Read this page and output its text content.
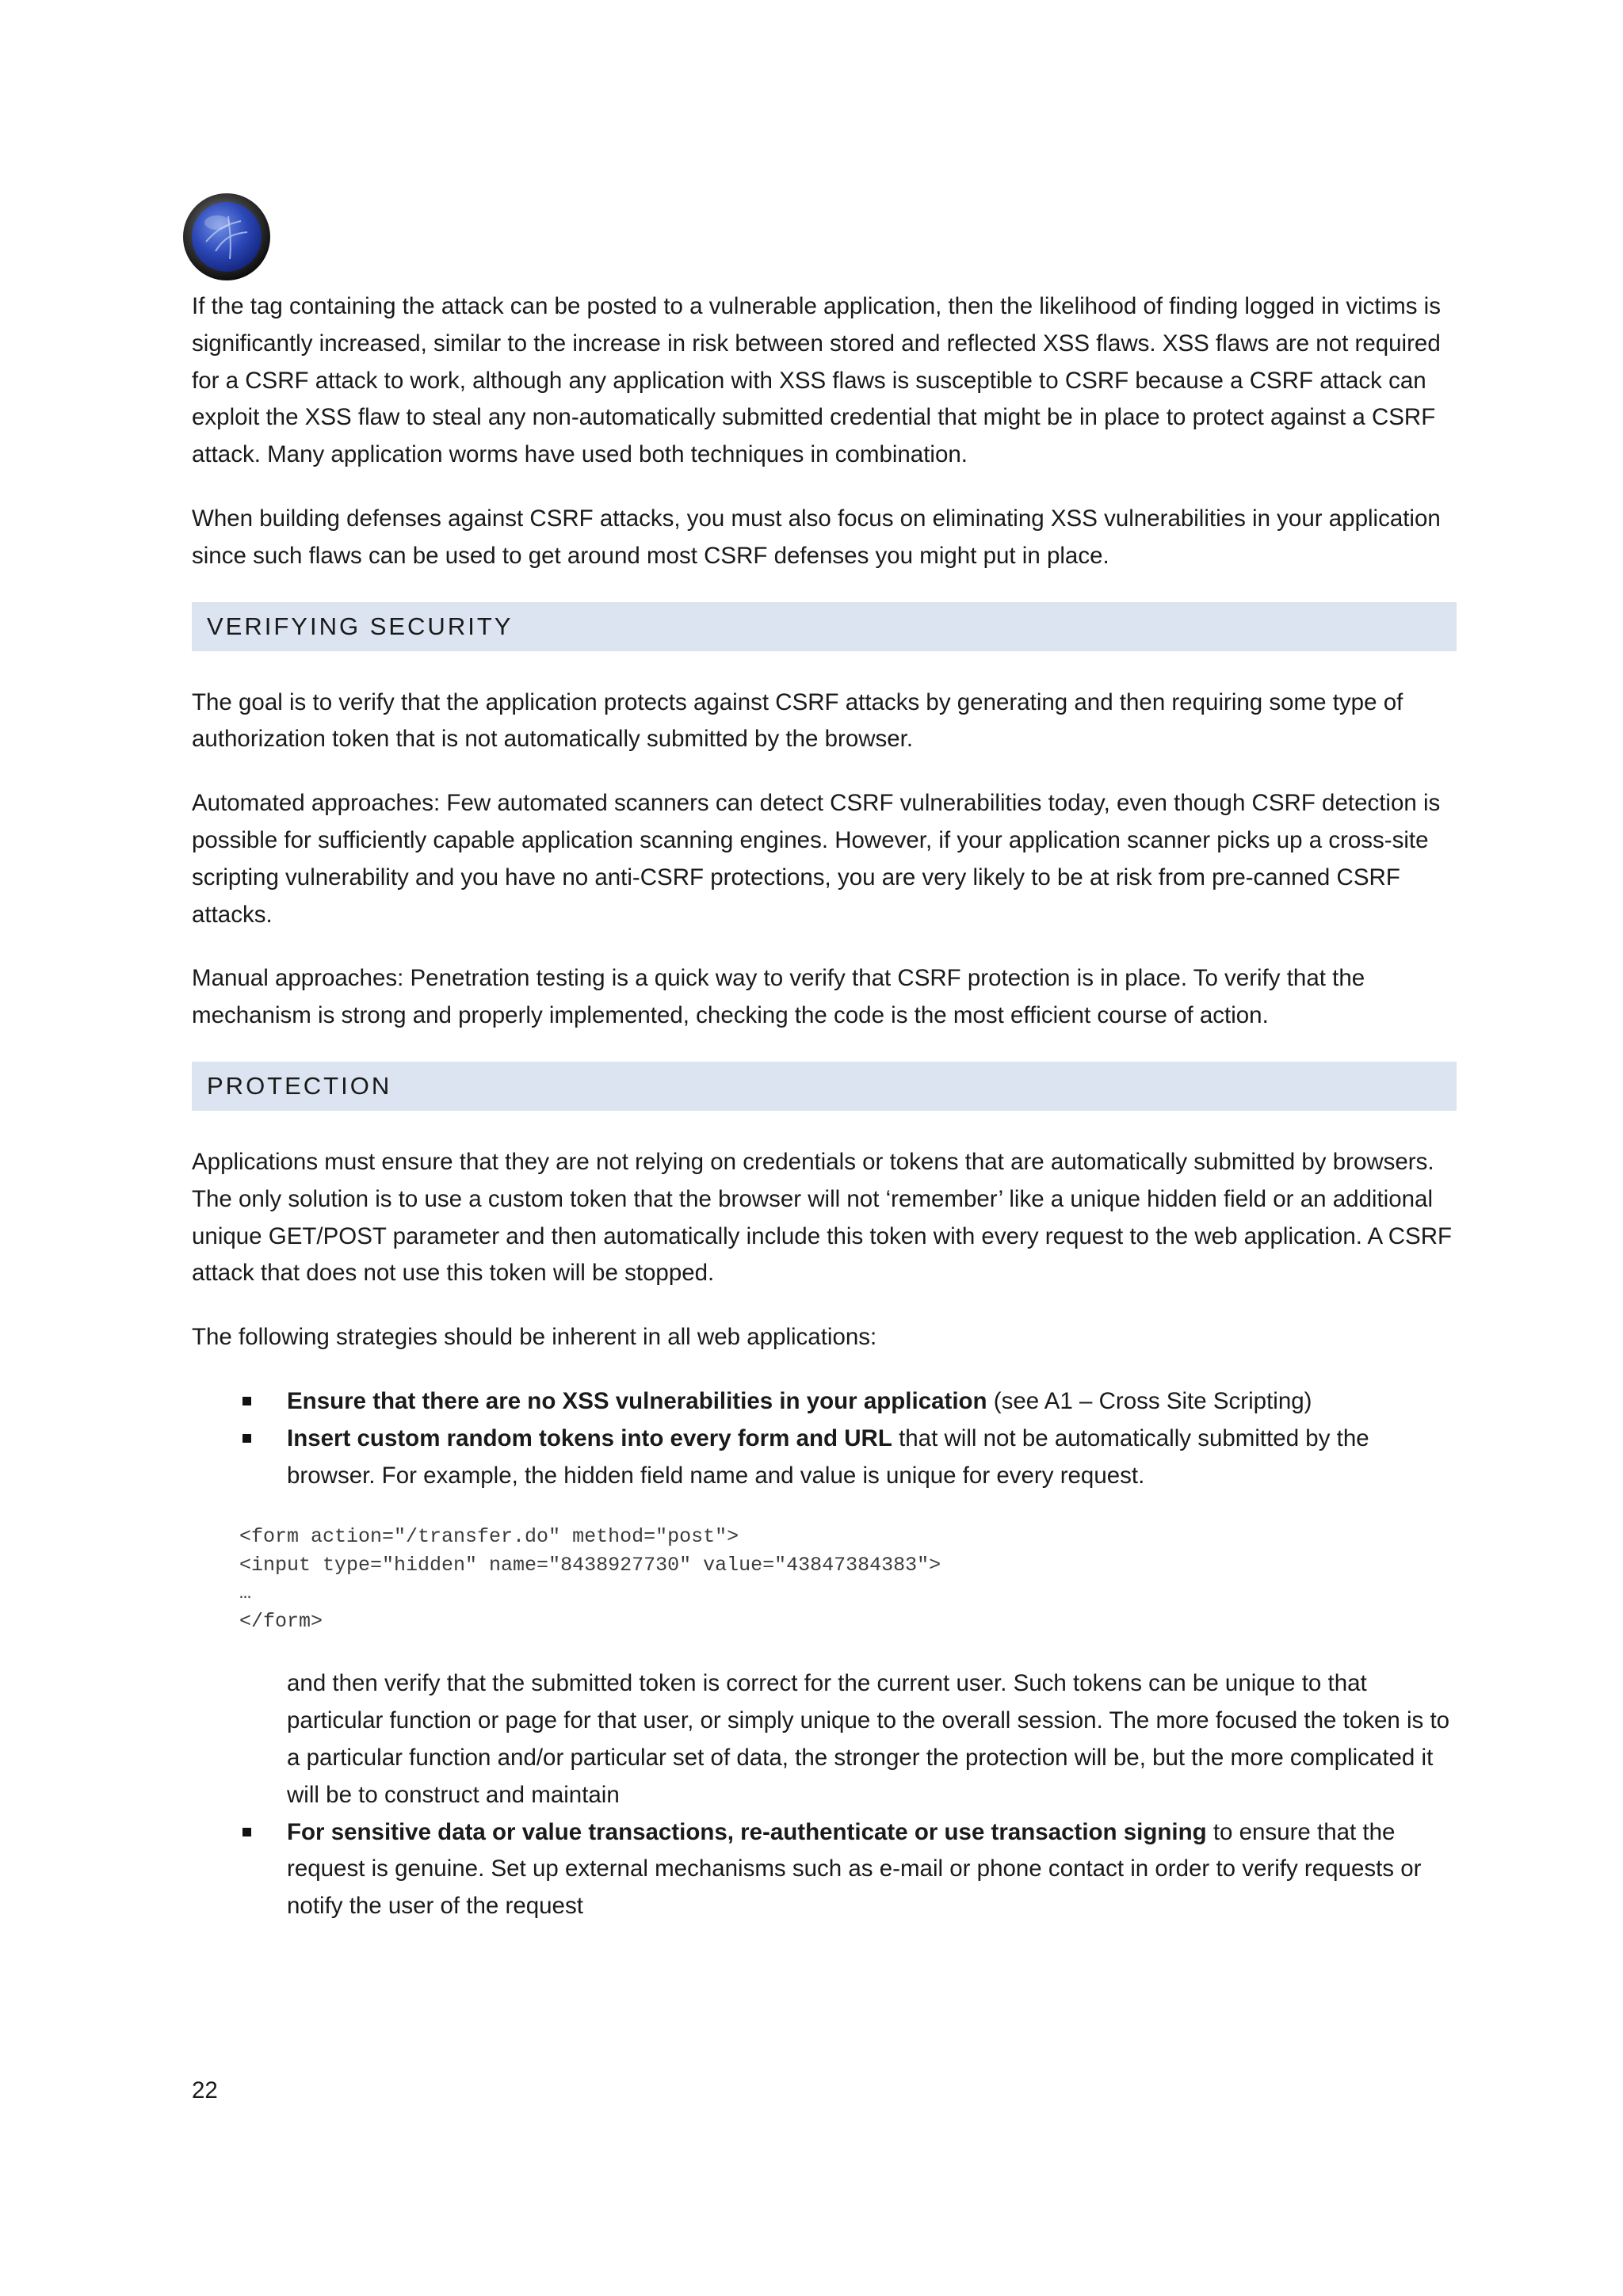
If the tag containing the attack can be posted to a vulnerable application, then the likelihood of finding logged in victims is significantly increased, similar to the increase in risk between stored and reflected XSS flaws. XSS flaws are not required for a CSRF attack to work, although any application with XSS flaws is susceptible to CSRF because a CSRF attack can exploit the XSS flaw to steal any non-automatically submitted credential that might be in place to protect against a CSRF attack. Many application worms have used both techniques in combination.

When building defenses against CSRF attacks, you must also focus on eliminating XSS vulnerabilities in your application since such flaws can be used to get around most CSRF defenses you might put in place.

VERIFYING SECURITY

The goal is to verify that the application protects against CSRF attacks by generating and then requiring some type of authorization token that is not automatically submitted by the browser.

Automated approaches: Few automated scanners can detect CSRF vulnerabilities today, even though CSRF detection is possible for sufficiently capable application scanning engines. However, if your application scanner picks up a cross-site scripting vulnerability and you have no anti-CSRF protections, you are very likely to be at risk from pre-canned CSRF attacks.

Manual approaches: Penetration testing is a quick way to verify that CSRF protection is in place. To verify that the mechanism is strong and properly implemented, checking the code is the most efficient course of action.

PROTECTION

Applications must ensure that they are not relying on credentials or tokens that are automatically submitted by browsers. The only solution is to use a custom token that the browser will not ‘remember’ like a unique hidden field or an additional unique GET/POST parameter and then automatically include this token with every request to the web application. A CSRF attack that does not use this token will be stopped.

The following strategies should be inherent in all web applications:

Ensure that there are no XSS vulnerabilities in your application (see A1 – Cross Site Scripting)
Insert custom random tokens into every form and URL that will not be automatically submitted by the browser. For example, the hidden field name and value is unique for every request.
<form action="/transfer.do" method="post">
<input type="hidden" name="8438927730" value="43847384383">
…
</form>

and then verify that the submitted token is correct for the current user. Such tokens can be unique to that particular function or page for that user, or simply unique to the overall session. The more focused the token is to a particular function and/or particular set of data, the stronger the protection will be, but the more complicated it will be to construct and maintain

For sensitive data or value transactions, re-authenticate or use transaction signing to ensure that the request is genuine. Set up external mechanisms such as e-mail or phone contact in order to verify requests or notify the user of the request
22
